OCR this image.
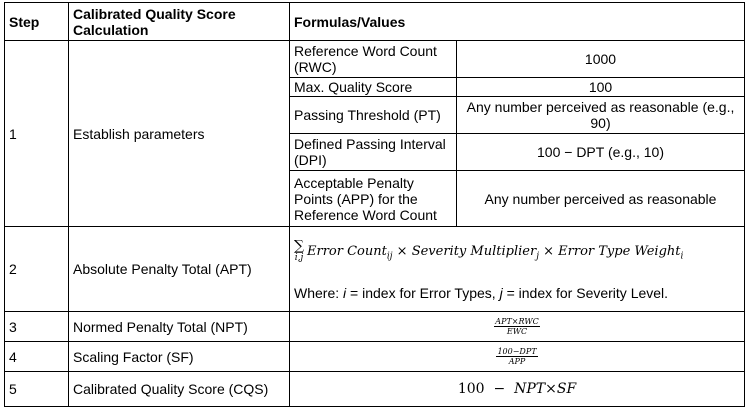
Step	Calibrated Quality Score Calculation	Formulas/Values	
1	Establish parameters	Reference Word Count (RWC)	1000
		Max. Quality Score	100
		Passing Threshold (PT)	Any number perceived as reasonable (e.g., 90)
		Defined Passing Interval (DPI)	100 − DPT (e.g., 10)
		Acceptable Penalty Points (APP) for the Reference Word Count	Any number perceived as reasonable
2	Absolute Penalty Total (APT)	∑
i,j Error Count$_{ij}$ × Severity Multiplier$_j$ × Error Type Weight$_i$
Where: i = index for Error Types, j = index for Severity Level.	

3	Normed Penalty Total (NPT)	$\frac{\text{APT×RWC}}{\text{EWC}}$

4	Scaling Factor (SF)	$\frac{\text{100−DPT}}{\text{APP}}$

5	Calibrated Quality Score (CQS)	100  −  NPT×SF	
